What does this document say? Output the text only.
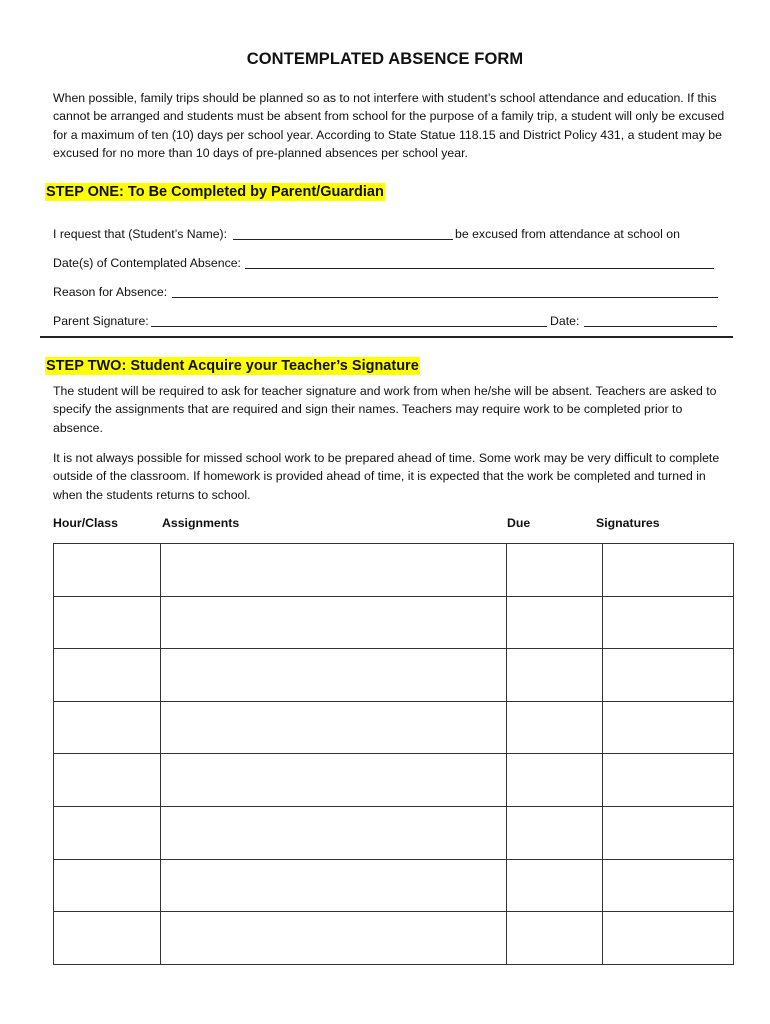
CONTEMPLATED ABSENCE FORM
When possible, family trips should be planned so as to not interfere with student’s school attendance and education. If this cannot be arranged and students must be absent from school for the purpose of a family trip, a student will only be excused for a maximum of ten (10) days per school year. According to State Statue 118.15 and District Policy 431, a student may be excused for no more than 10 days of pre-planned absences per school year.
STEP ONE: To Be Completed by Parent/Guardian
I request that (Student’s Name):	be excused from attendance at school on
Date(s) of Contemplated Absence:
Reason for Absence:
Parent Signature:	Date:
STEP TWO: Student Acquire your Teacher’s Signature
The student will be required to ask for teacher signature and work from when he/she will be absent. Teachers are asked to specify the assignments that are required and sign their names. Teachers may require work to be completed prior to absence.
It is not always possible for missed school work to be prepared ahead of time. Some work may be very difficult to complete outside of the classroom. If homework is provided ahead of time, it is expected that the work be completed and turned in when the students returns to school.
Hour/Class	Assignments	Due	Signatures
